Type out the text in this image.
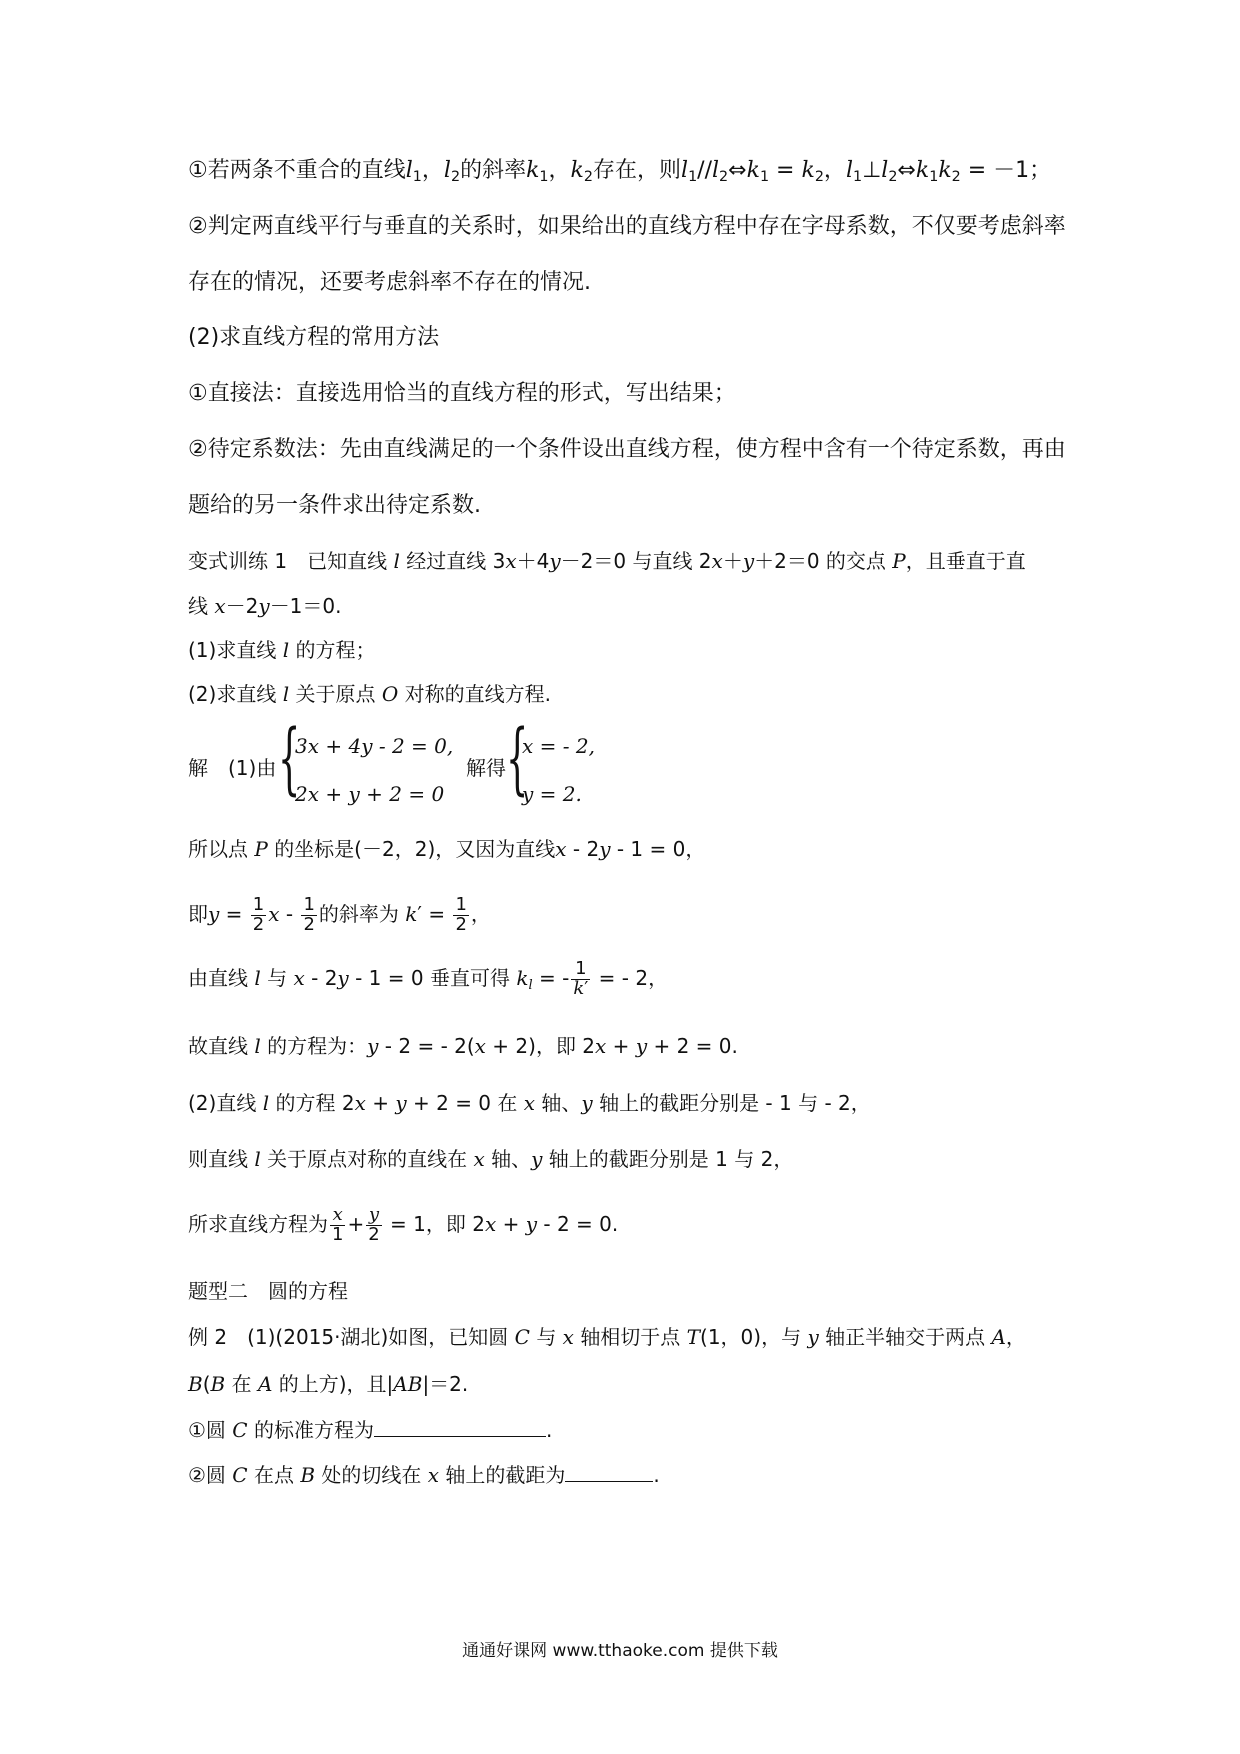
①若两条不重合的直线$l_1$，$l_2$的斜率$k_1$，$k_2$存在，则$l_1//l_2\Leftrightarrow k_1 = k_2$，$l_1\perp l_2\Leftrightarrow k_1k_2 = -1$；
②判定两直线平行与垂直的关系时，如果给出的直线方程中存在字母系数，不仅要考虑斜率
存在的情况，还要考虑斜率不存在的情况.
(2)求直线方程的常用方法
①直接法：直接选用恰当的直线方程的形式，写出结果；
②待定系数法：先由直线满足的一个条件设出直线方程，使方程中含有一个待定系数，再由
题给的另一条件求出待定系数.
变式训练 1　 已知直线 l 经过直线 3x＋4y－2＝0 与直线 2x＋y＋2＝0 的交点 P，且垂直于直
线 x－2y－1＝0.
(1)求直线 l 的方程；
(2)求直线 l 关于原点 O 对称的直线方程.
解　 (1)由 {
3x + 4y - 2 = 0,
2x + y + 2 = 0
解得 {
x = - 2,
y = 2.
所以点 P 的坐标是(－2，2)，又因为直线x - 2y - 1 = 0，
即$y = \frac{1}{2}$ x - $\frac{1}{2}$ 的斜率为 $k' = \frac{1}{2}$ ，
由直线 l 与 x - 2y - 1 = 0 垂直可得 $k_l$ = - $\frac{1}{k'}$ = - 2，
故直线 l 的方程为：y - 2 = - 2(x + 2)，即 2x + y + 2 = 0.
(2)直线 l 的方程 2x + y + 2 = 0 在 x 轴、y 轴上的截距分别是 - 1 与 - 2，
则直线 l 关于原点对称的直线在 x 轴、y 轴上的截距分别是 1 与 2，
所求直线方程为 $\frac{x}{1} + \frac{y}{2} = 1$，即 2x + y - 2 = 0.
题型二　圆的方程
例 2　(1)(2015·湖北)如图，已知圆 C 与 x 轴相切于点 T(1，0)，与 y 轴正半轴交于两点 A，
B(B 在 A 的上方)，且|AB|＝2.
①圆 C 的标准方程为	.
②圆 C 在点 B 处的切线在 x 轴上的截距为	.
通通好课网 www.tthaoke.com 提供下载
